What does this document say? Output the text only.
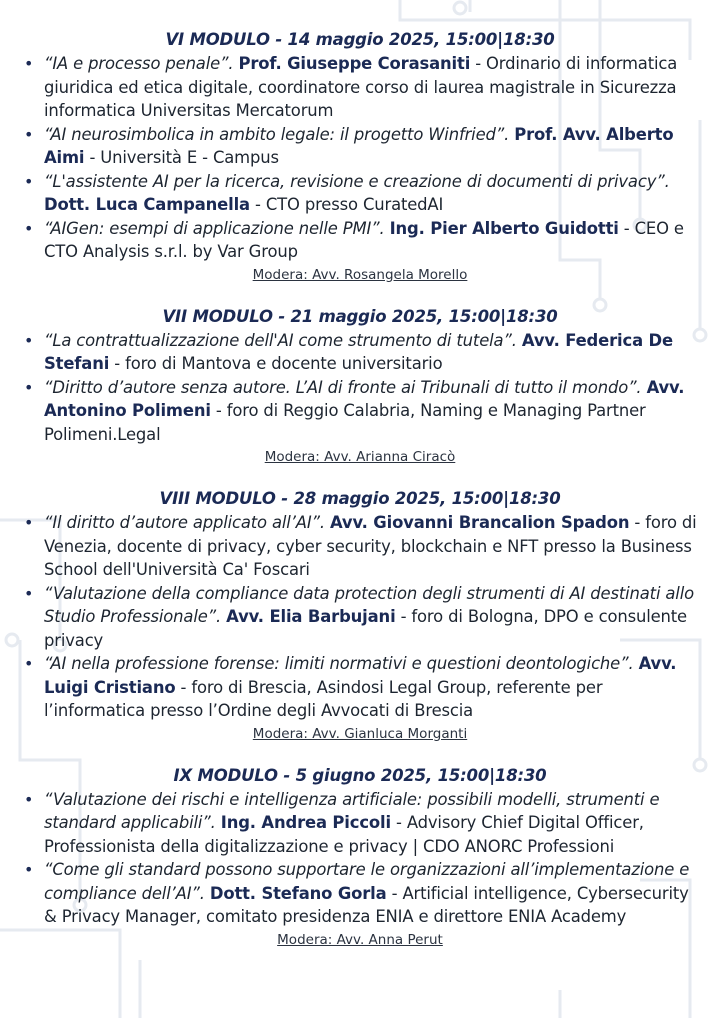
VI MODULO - 14 maggio 2025, 15:00|18:30
• “IA e processo penale”. Prof. Giuseppe Corasaniti - Ordinario di informatica giuridica ed etica digitale, coordinatore corso di laurea magistrale in Sicurezza informatica Universitas Mercatorum
• “AI neurosimbolica in ambito legale: il progetto Winfried”. Prof. Avv. Alberto Aimi - Università E - Campus
• “L'assistente AI per la ricerca, revisione e creazione di documenti di privacy”. Dott. Luca Campanella - CTO presso CuratedAI
• “AIGen: esempi di applicazione nelle PMI”. Ing. Pier Alberto Guidotti - CEO e CTO Analysis s.r.l. by Var Group
Modera: Avv. Rosangela Morello
VII MODULO - 21 maggio 2025, 15:00|18:30
• “La contrattualizzazione dell'AI come strumento di tutela”. Avv. Federica De Stefani - foro di Mantova e docente universitario
• “Diritto d’autore senza autore. L’AI di fronte ai Tribunali di tutto il mondo”. Avv. Antonino Polimeni - foro di Reggio Calabria, Naming e Managing Partner Polimeni.Legal
Modera: Avv. Arianna Ciracò
VIII MODULO - 28 maggio 2025, 15:00|18:30
• “Il diritto d’autore applicato all’AI”. Avv. Giovanni Brancalion Spadon - foro di Venezia, docente di privacy, cyber security, blockchain e NFT presso la Business School dell'Università Ca' Foscari
• “Valutazione della compliance data protection degli strumenti di AI destinati allo Studio Professionale”. Avv. Elia Barbujani - foro di Bologna, DPO e consulente privacy
• “AI nella professione forense: limiti normativi e questioni deontologiche”. Avv. Luigi Cristiano - foro di Brescia, Asindosi Legal Group, referente per l’informatica presso l’Ordine degli Avvocati di Brescia
Modera: Avv. Gianluca Morganti
IX MODULO - 5 giugno 2025, 15:00|18:30
• “Valutazione dei rischi e intelligenza artificiale: possibili modelli, strumenti e standard applicabili”. Ing. Andrea Piccoli - Advisory Chief Digital Officer, Professionista della digitalizzazione e privacy | CDO ANORC Professioni
• “Come gli standard possono supportare le organizzazioni all’implementazione e compliance dell’AI”. Dott. Stefano Gorla - Artificial intelligence, Cybersecurity & Privacy Manager, comitato presidenza ENIA e direttore ENIA Academy
Modera: Avv. Anna Perut
